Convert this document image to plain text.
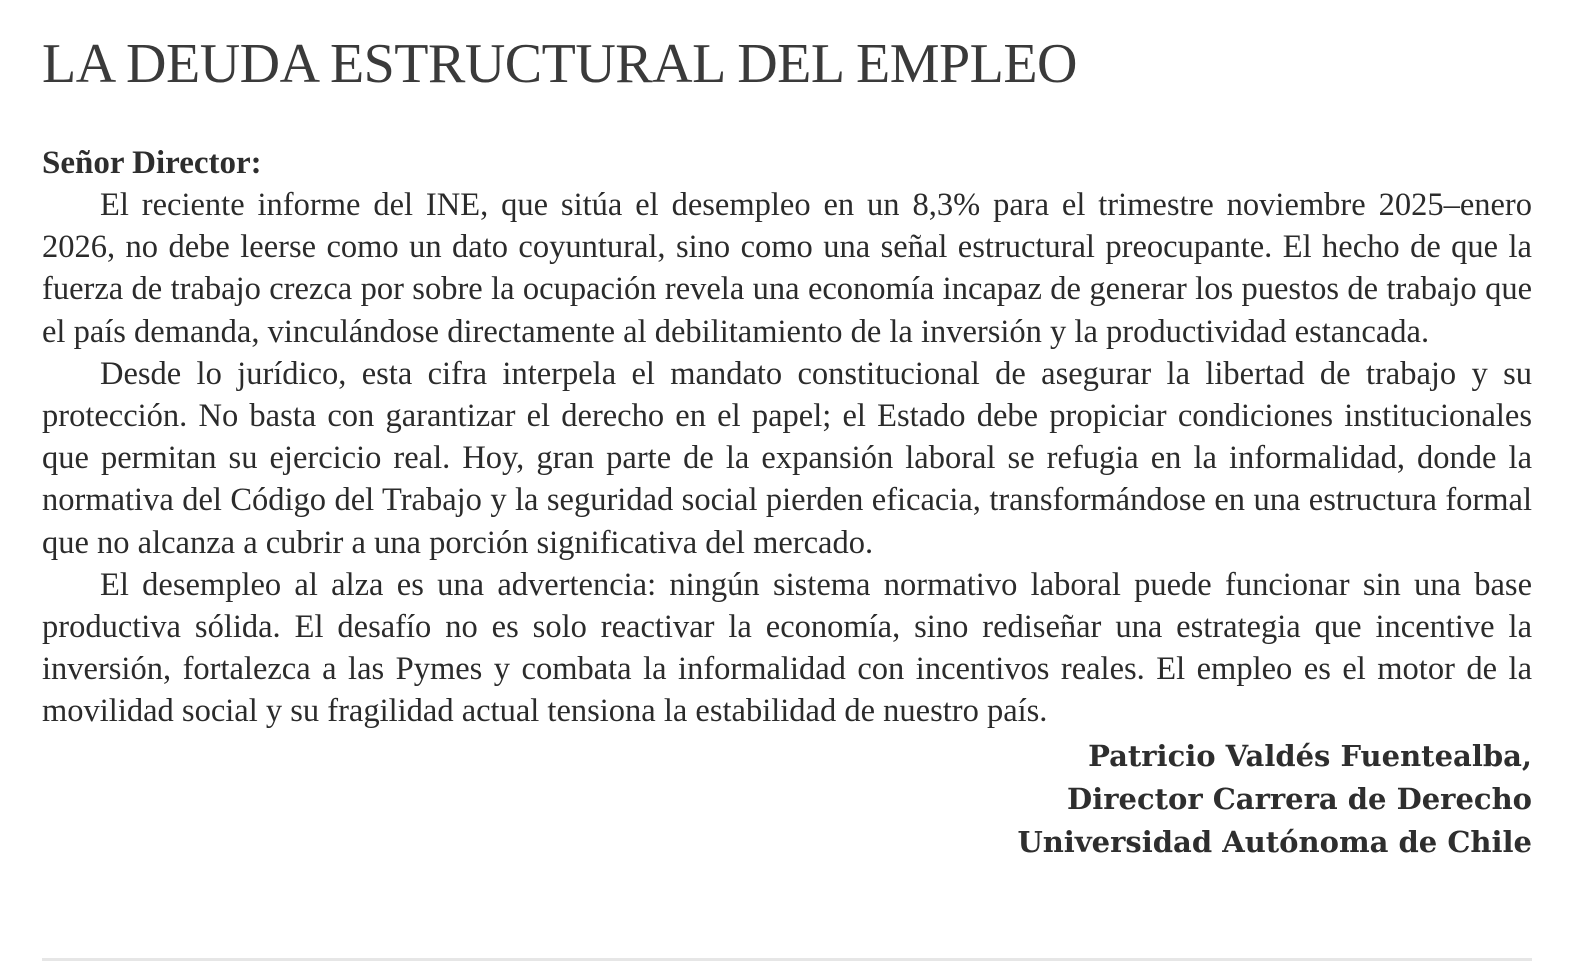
LA DEUDA ESTRUCTURAL DEL EMPLEO

Señor Director:

El reciente informe del INE, que sitúa el desempleo en un 8,3% para el trimestre noviembre 2025–enero 2026, no debe leerse como un dato coyuntural, sino como una señal estructural preocupante. El hecho de que la fuerza de trabajo crezca por sobre la ocupación revela una economía incapaz de generar los puestos de trabajo que el país demanda, vinculándose directamente al debilitamiento de la inversión y la productividad estancada.

Desde lo jurídico, esta cifra interpela el mandato constitucional de asegurar la libertad de trabajo y su protección. No basta con garantizar el derecho en el papel; el Estado debe propiciar condiciones institucionales que permitan su ejercicio real. Hoy, gran parte de la expansión laboral se refugia en la informalidad, donde la normativa del Código del Trabajo y la seguridad social pierden eficacia, transformándose en una estructura formal que no alcanza a cubrir a una porción significativa del mercado.

El desempleo al alza es una advertencia: ningún sistema normativo laboral puede funcionar sin una base productiva sólida. El desafío no es solo reactivar la economía, sino rediseñar una estrategia que incentive la inversión, fortalezca a las Pymes y combata la informalidad con incentivos reales. El empleo es el motor de la movilidad social y su fragilidad actual tensiona la estabilidad de nuestro país.

Patricio Valdés Fuentealba,
Director Carrera de Derecho
Universidad Autónoma de Chile
